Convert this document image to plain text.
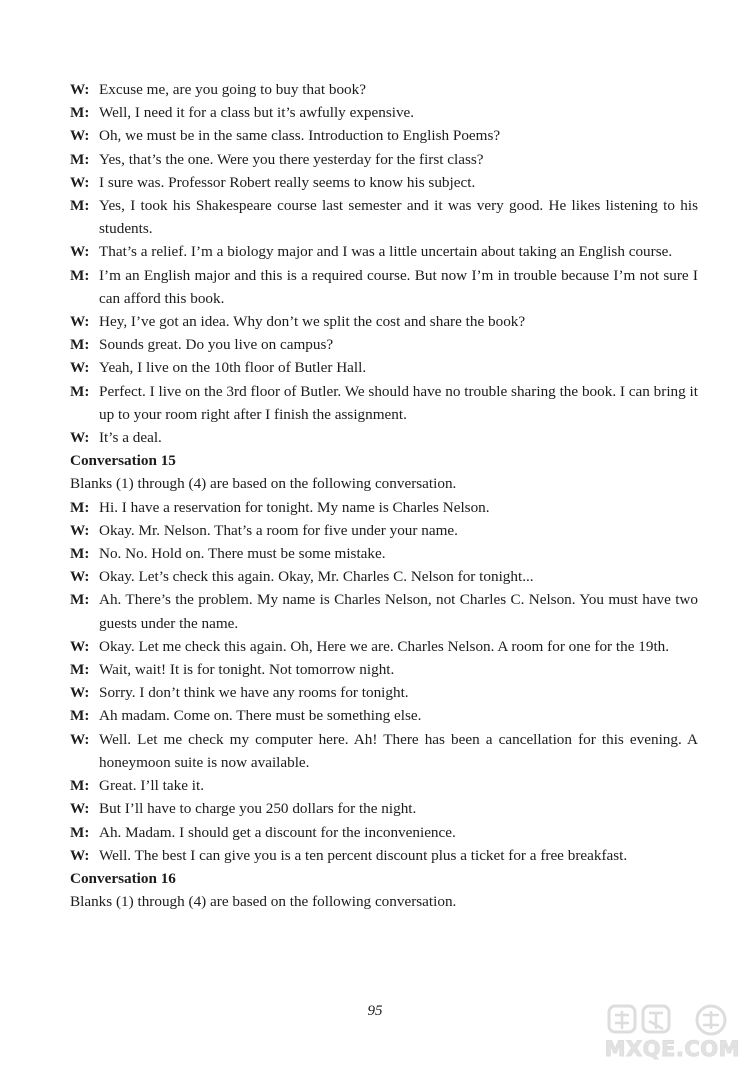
W: Excuse me, are you going to buy that book?
M: Well, I need it for a class but it’s awfully expensive.
W: Oh, we must be in the same class. Introduction to English Poems?
M: Yes, that’s the one. Were you there yesterday for the first class?
W: I sure was. Professor Robert really seems to know his subject.
M: Yes, I took his Shakespeare course last semester and it was very good. He likes listening to his students.
W: That’s a relief. I’m a biology major and I was a little uncertain about taking an English course.
M: I’m an English major and this is a required course. But now I’m in trouble because I’m not sure I can afford this book.
W: Hey, I’ve got an idea. Why don’t we split the cost and share the book?
M: Sounds great. Do you live on campus?
W: Yeah, I live on the 10th floor of Butler Hall.
M: Perfect. I live on the 3rd floor of Butler. We should have no trouble sharing the book. I can bring it up to your room right after I finish the assignment.
W: It’s a deal.
Conversation 15
Blanks (1) through (4) are based on the following conversation.
M: Hi. I have a reservation for tonight. My name is Charles Nelson.
W: Okay. Mr. Nelson. That’s a room for five under your name.
M: No. No. Hold on. There must be some mistake.
W: Okay. Let’s check this again. Okay, Mr. Charles C. Nelson for tonight...
M: Ah. There’s the problem. My name is Charles Nelson, not Charles C. Nelson. You must have two guests under the name.
W: Okay. Let me check this again. Oh, Here we are. Charles Nelson. A room for one for the 19th.
M: Wait, wait! It is for tonight. Not tomorrow night.
W: Sorry. I don’t think we have any rooms for tonight.
M: Ah madam. Come on. There must be something else.
W: Well. Let me check my computer here. Ah! There has been a cancellation for this evening. A honeymoon suite is now available.
M: Great. I’ll take it.
W: But I’ll have to charge you 250 dollars for the night.
M: Ah. Madam. I should get a discount for the inconvenience.
W: Well. The best I can give you is a ten percent discount plus a ticket for a free breakfast.
Conversation 16
Blanks (1) through (4) are based on the following conversation.
95
MXQE.COM
